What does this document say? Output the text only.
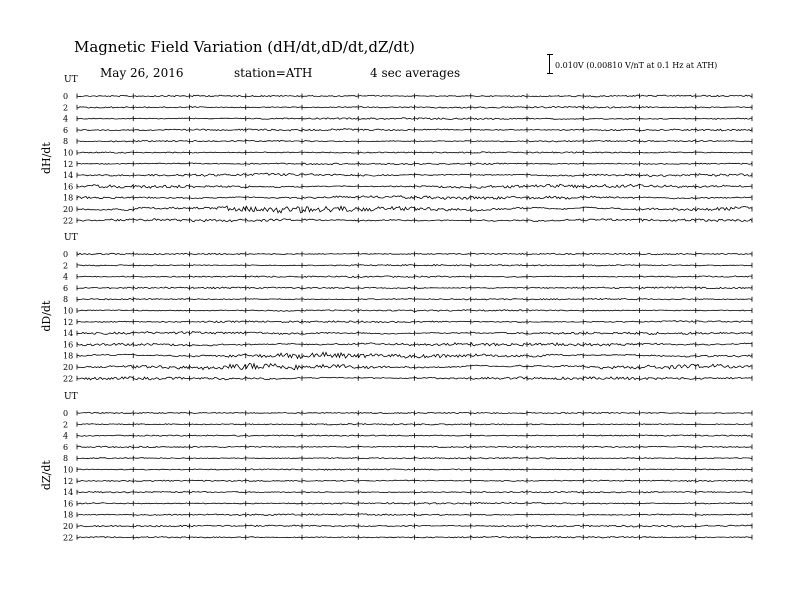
Magnetic Field Variation (dH/dt,dD/dt,dZ/dt)
May 26, 2016	station=ATH	4 sec averages
0.010V (0.00810 V/nT at 0.1 Hz at ATH)
UT
dH/dt
0
2
4
6
8
10
12
14
16
18
20
22
UT
dD/dt
0
2
4
6
8
10
12
14
16
18
20
22
UT
dZ/dt
0
2
4
6
8
10
12
14
16
18
20
22
